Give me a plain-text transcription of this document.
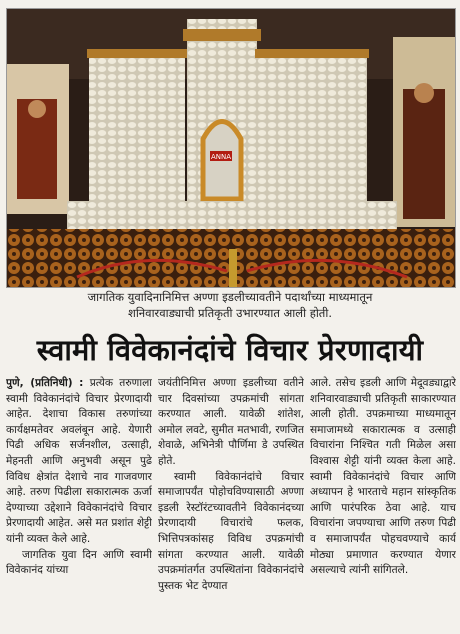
ANNA
जागतिक युवादिनानिमित्त अण्णा इडलीच्यावतीने पदार्थांच्या माध्यमातून
शनिवारवाड्याची प्रतिकृती उभारण्यात आली होती.
स्वामी विवेकानंदांचे विचार प्रेरणादायी

पुणे, (प्रतिनिधी) : प्रत्येक तरुणाला स्वामी विवेकानंदांचे विचार प्रेरणादायी आहेत. देशाचा विकास तरुणांच्या कार्यक्षमतेवर अवलंबून आहे. येणारी पिढी अधिक सर्जनशील, उत्साही, मेहनती आणि अनुभवी असून पुढे विविध क्षेत्रांत देशाचे नाव गाजवणार आहे. तरुण पिढीला सकारात्मक ऊर्जा देण्याच्या उद्देशाने विवेकानंदांचे विचार प्रेरणादायी आहेत. असे मत प्रशांत शेट्टी यांनी व्यक्त केले आहे.

जागतिक युवा दिन आणि स्वामी विवेकानंद यांच्या

जयंतीनिमित्त अण्णा इडलीच्या वतीने चार दिवसांच्या उपक्रमांची सांगता करण्यात आली. यावेळी शांतेश, अमोल लवटे, सुमीत मतभावी, रणजित शेवाळे, अभिनेत्री पौर्णिमा डे उपस्थित होते.

स्वामी विवेकानंदांचे विचार समाजापर्यंत पोहोचविण्यासाठी अण्णा इडली रेस्टॉरंटच्यावतीने विवेकानंदच्या प्रेरणादायी विचारांचे फलक, भित्तिपत्रकांसह विविध उपक्रमांची सांगता करण्यात आली. यावेळी उपक्रमांतर्गत उपस्थितांना विवेकानंदांचे पुस्तक भेट देण्यात

आले. तसेच इडली आणि मेदूवड्याद्वारे शनिवारवाड्याची प्रतिकृती साकारण्यात आली होती. उपक्रमाच्या माध्यमातून समाजामध्ये सकारात्मक व उत्साही विचारांना निश्चित गती मिळेल असा विश्वास शेट्टी यांनी व्यक्त केला आहे. स्वामी विवेकानंदांचे विचार आणि अध्यापन हे भारताचे महान सांस्कृतिक आणि पारंपरिक ठेवा आहे. याच विचारांना जपण्याचा आणि तरुण पिढी व समाजापर्यंत पोहचवण्याचे कार्य मोठ्या प्रमाणात करण्यात येणार असल्याचे त्यांनी सांगितले.
